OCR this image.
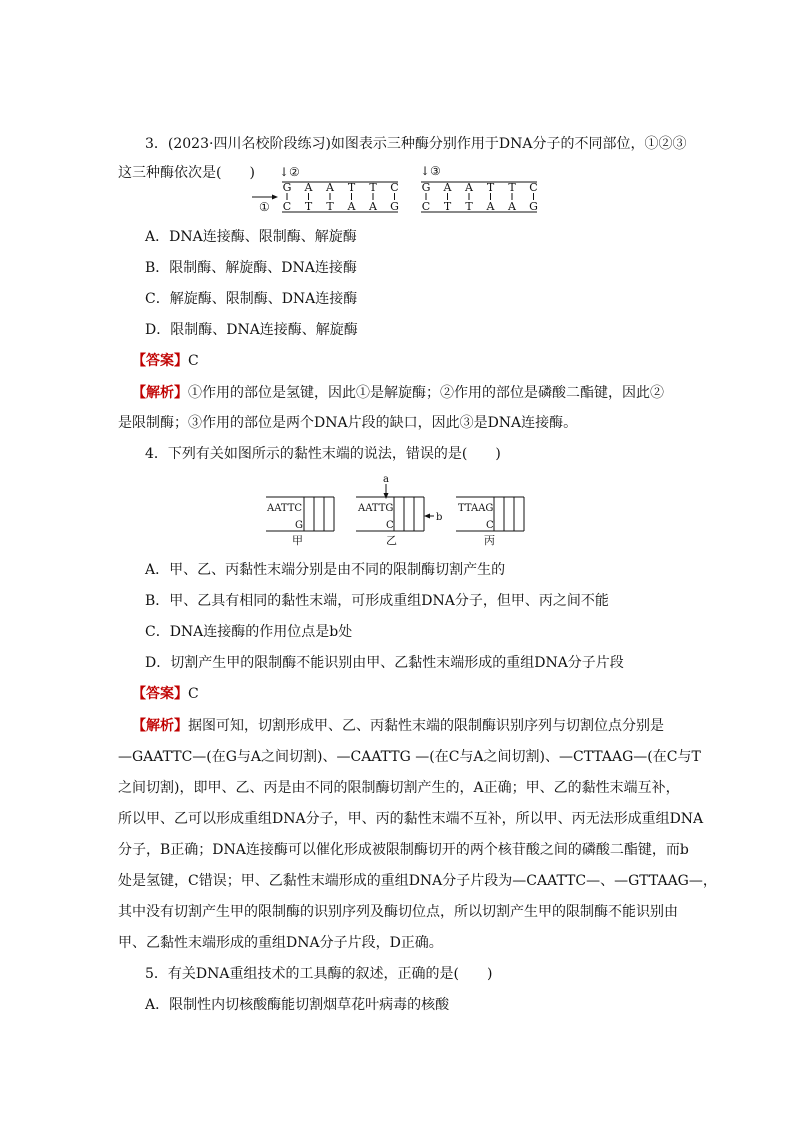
3．(2023·四川名校阶段练习)如图表示三种酶分别作用于DNA分子的不同部位，①②③
这三种酶依次是(　　) ↓②
①
G
C
A
T
A
T
T
A
T
A
C
G
↓③
G
C
A
T
A
T
T
A
T
A
C
G
A．DNA连接酶、限制酶、解旋酶
B．限制酶、解旋酶、DNA连接酶
C．解旋酶、限制酶、DNA连接酶
D．限制酶、DNA连接酶、解旋酶
【答案】C
【解析】①作用的部位是氢键，因此①是解旋酶；②作用的部位是磷酸二酯键，因此②
是限制酶；③作用的部位是两个DNA片段的缺口，因此③是DNA连接酶。
4．下列有关如图所示的黏性末端的说法，错误的是(　　)
AATTC
G
甲
AATTG
C
a
b
乙
TTAAG
C
丙
A．甲、乙、丙黏性末端分别是由不同的限制酶切割产生的
B．甲、乙具有相同的黏性末端，可形成重组DNA分子，但甲、丙之间不能
C．DNA连接酶的作用位点是b处
D．切割产生甲的限制酶不能识别由甲、乙黏性末端形成的重组DNA分子片段
【答案】C
【解析】据图可知，切割形成甲、乙、丙黏性末端的限制酶识别序列与切割位点分别是
—GAATTC—(在G与A之间切割)、—CAATTG —(在C与A之间切割)、—CTTAAG—(在C与T
之间切割)，即甲、乙、丙是由不同的限制酶切割产生的，A正确；甲、乙的黏性末端互补，
所以甲、乙可以形成重组DNA分子，甲、丙的黏性末端不互补，所以甲、丙无法形成重组DNA
分子，B正确；DNA连接酶可以催化形成被限制酶切开的两个核苷酸之间的磷酸二酯键，而b
处是氢键，C错误；甲、乙黏性末端形成的重组DNA分子片段为—CAATTC—、—GTTAAG—，
其中没有切割产生甲的限制酶的识别序列及酶切位点，所以切割产生甲的限制酶不能识别由
甲、乙黏性末端形成的重组DNA分子片段，D正确。
5．有关DNA重组技术的工具酶的叙述，正确的是(　　)
A．限制性内切核酸酶能切割烟草花叶病毒的核酸
